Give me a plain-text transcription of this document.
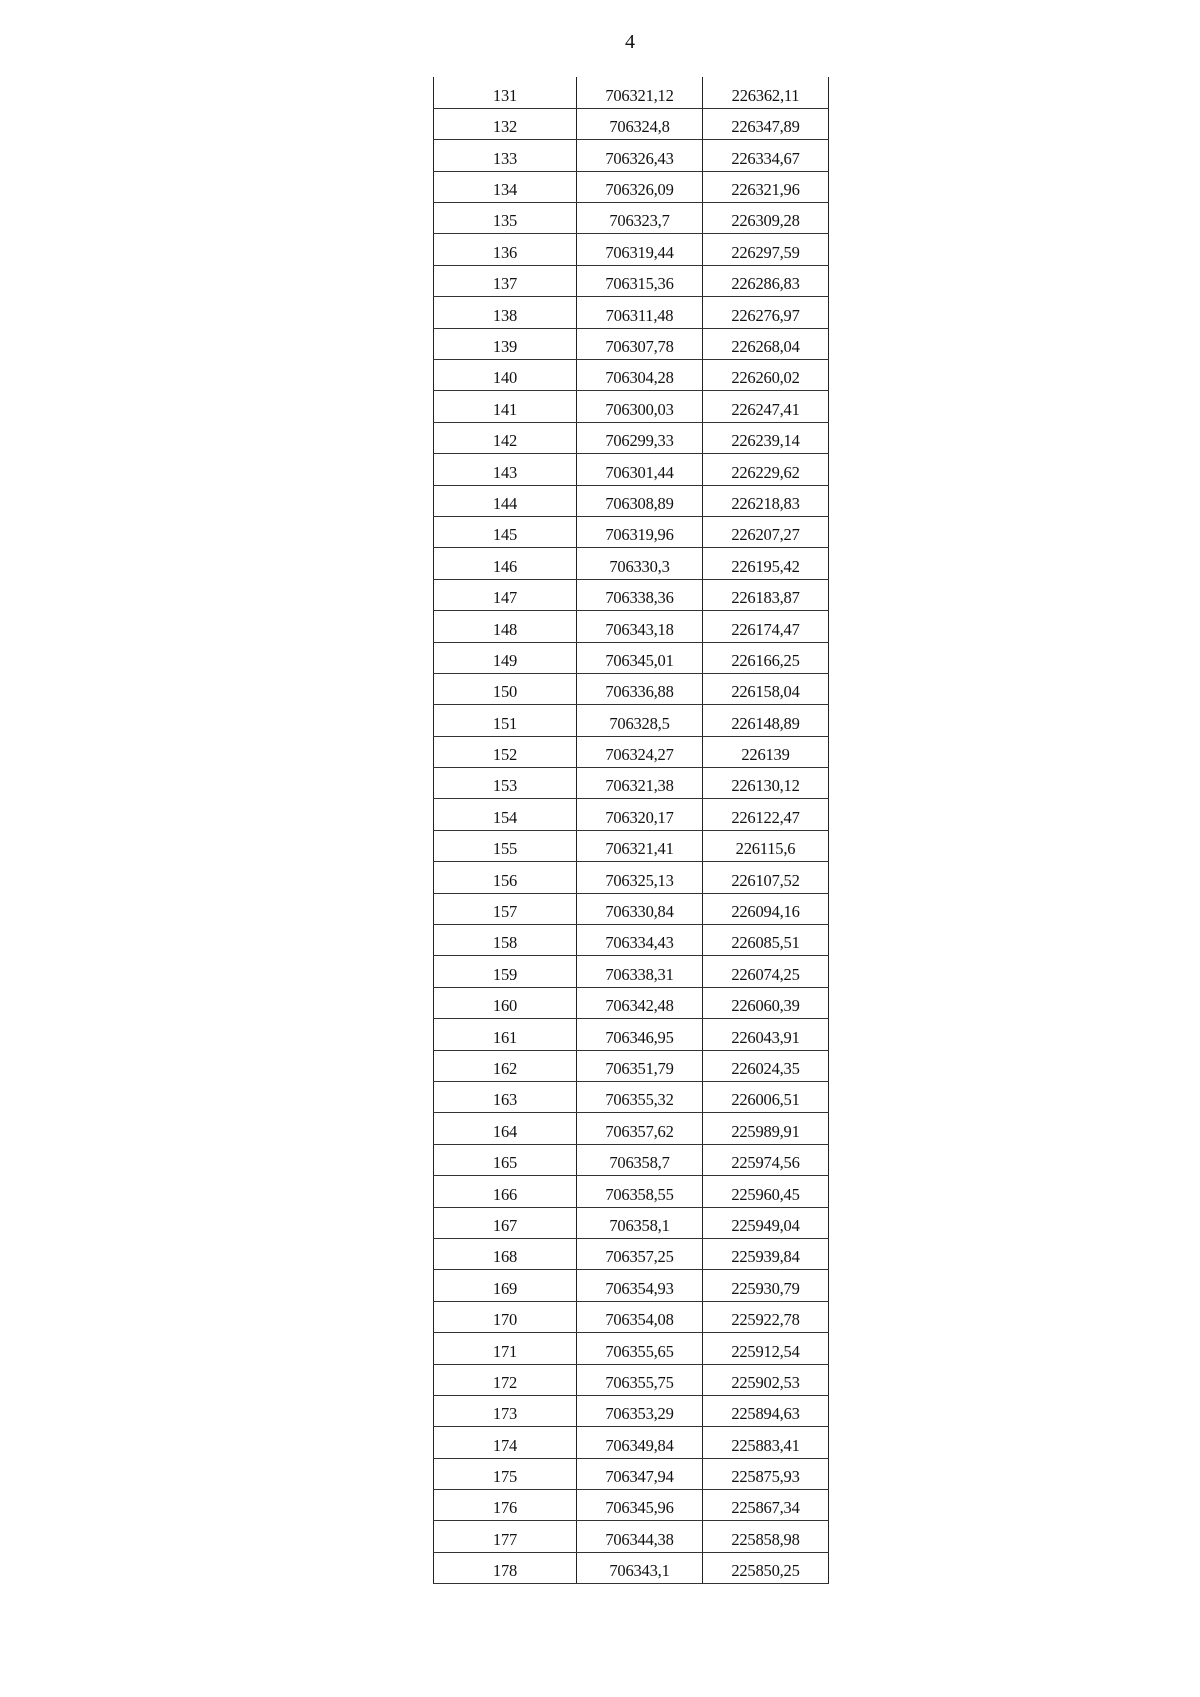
4
131	706321,12	226362,11
132	706324,8	226347,89
133	706326,43	226334,67
134	706326,09	226321,96
135	706323,7	226309,28
136	706319,44	226297,59
137	706315,36	226286,83
138	706311,48	226276,97
139	706307,78	226268,04
140	706304,28	226260,02
141	706300,03	226247,41
142	706299,33	226239,14
143	706301,44	226229,62
144	706308,89	226218,83
145	706319,96	226207,27
146	706330,3	226195,42
147	706338,36	226183,87
148	706343,18	226174,47
149	706345,01	226166,25
150	706336,88	226158,04
151	706328,5	226148,89
152	706324,27	226139
153	706321,38	226130,12
154	706320,17	226122,47
155	706321,41	226115,6
156	706325,13	226107,52
157	706330,84	226094,16
158	706334,43	226085,51
159	706338,31	226074,25
160	706342,48	226060,39
161	706346,95	226043,91
162	706351,79	226024,35
163	706355,32	226006,51
164	706357,62	225989,91
165	706358,7	225974,56
166	706358,55	225960,45
167	706358,1	225949,04
168	706357,25	225939,84
169	706354,93	225930,79
170	706354,08	225922,78
171	706355,65	225912,54
172	706355,75	225902,53
173	706353,29	225894,63
174	706349,84	225883,41
175	706347,94	225875,93
176	706345,96	225867,34
177	706344,38	225858,98
178	706343,1	225850,25
